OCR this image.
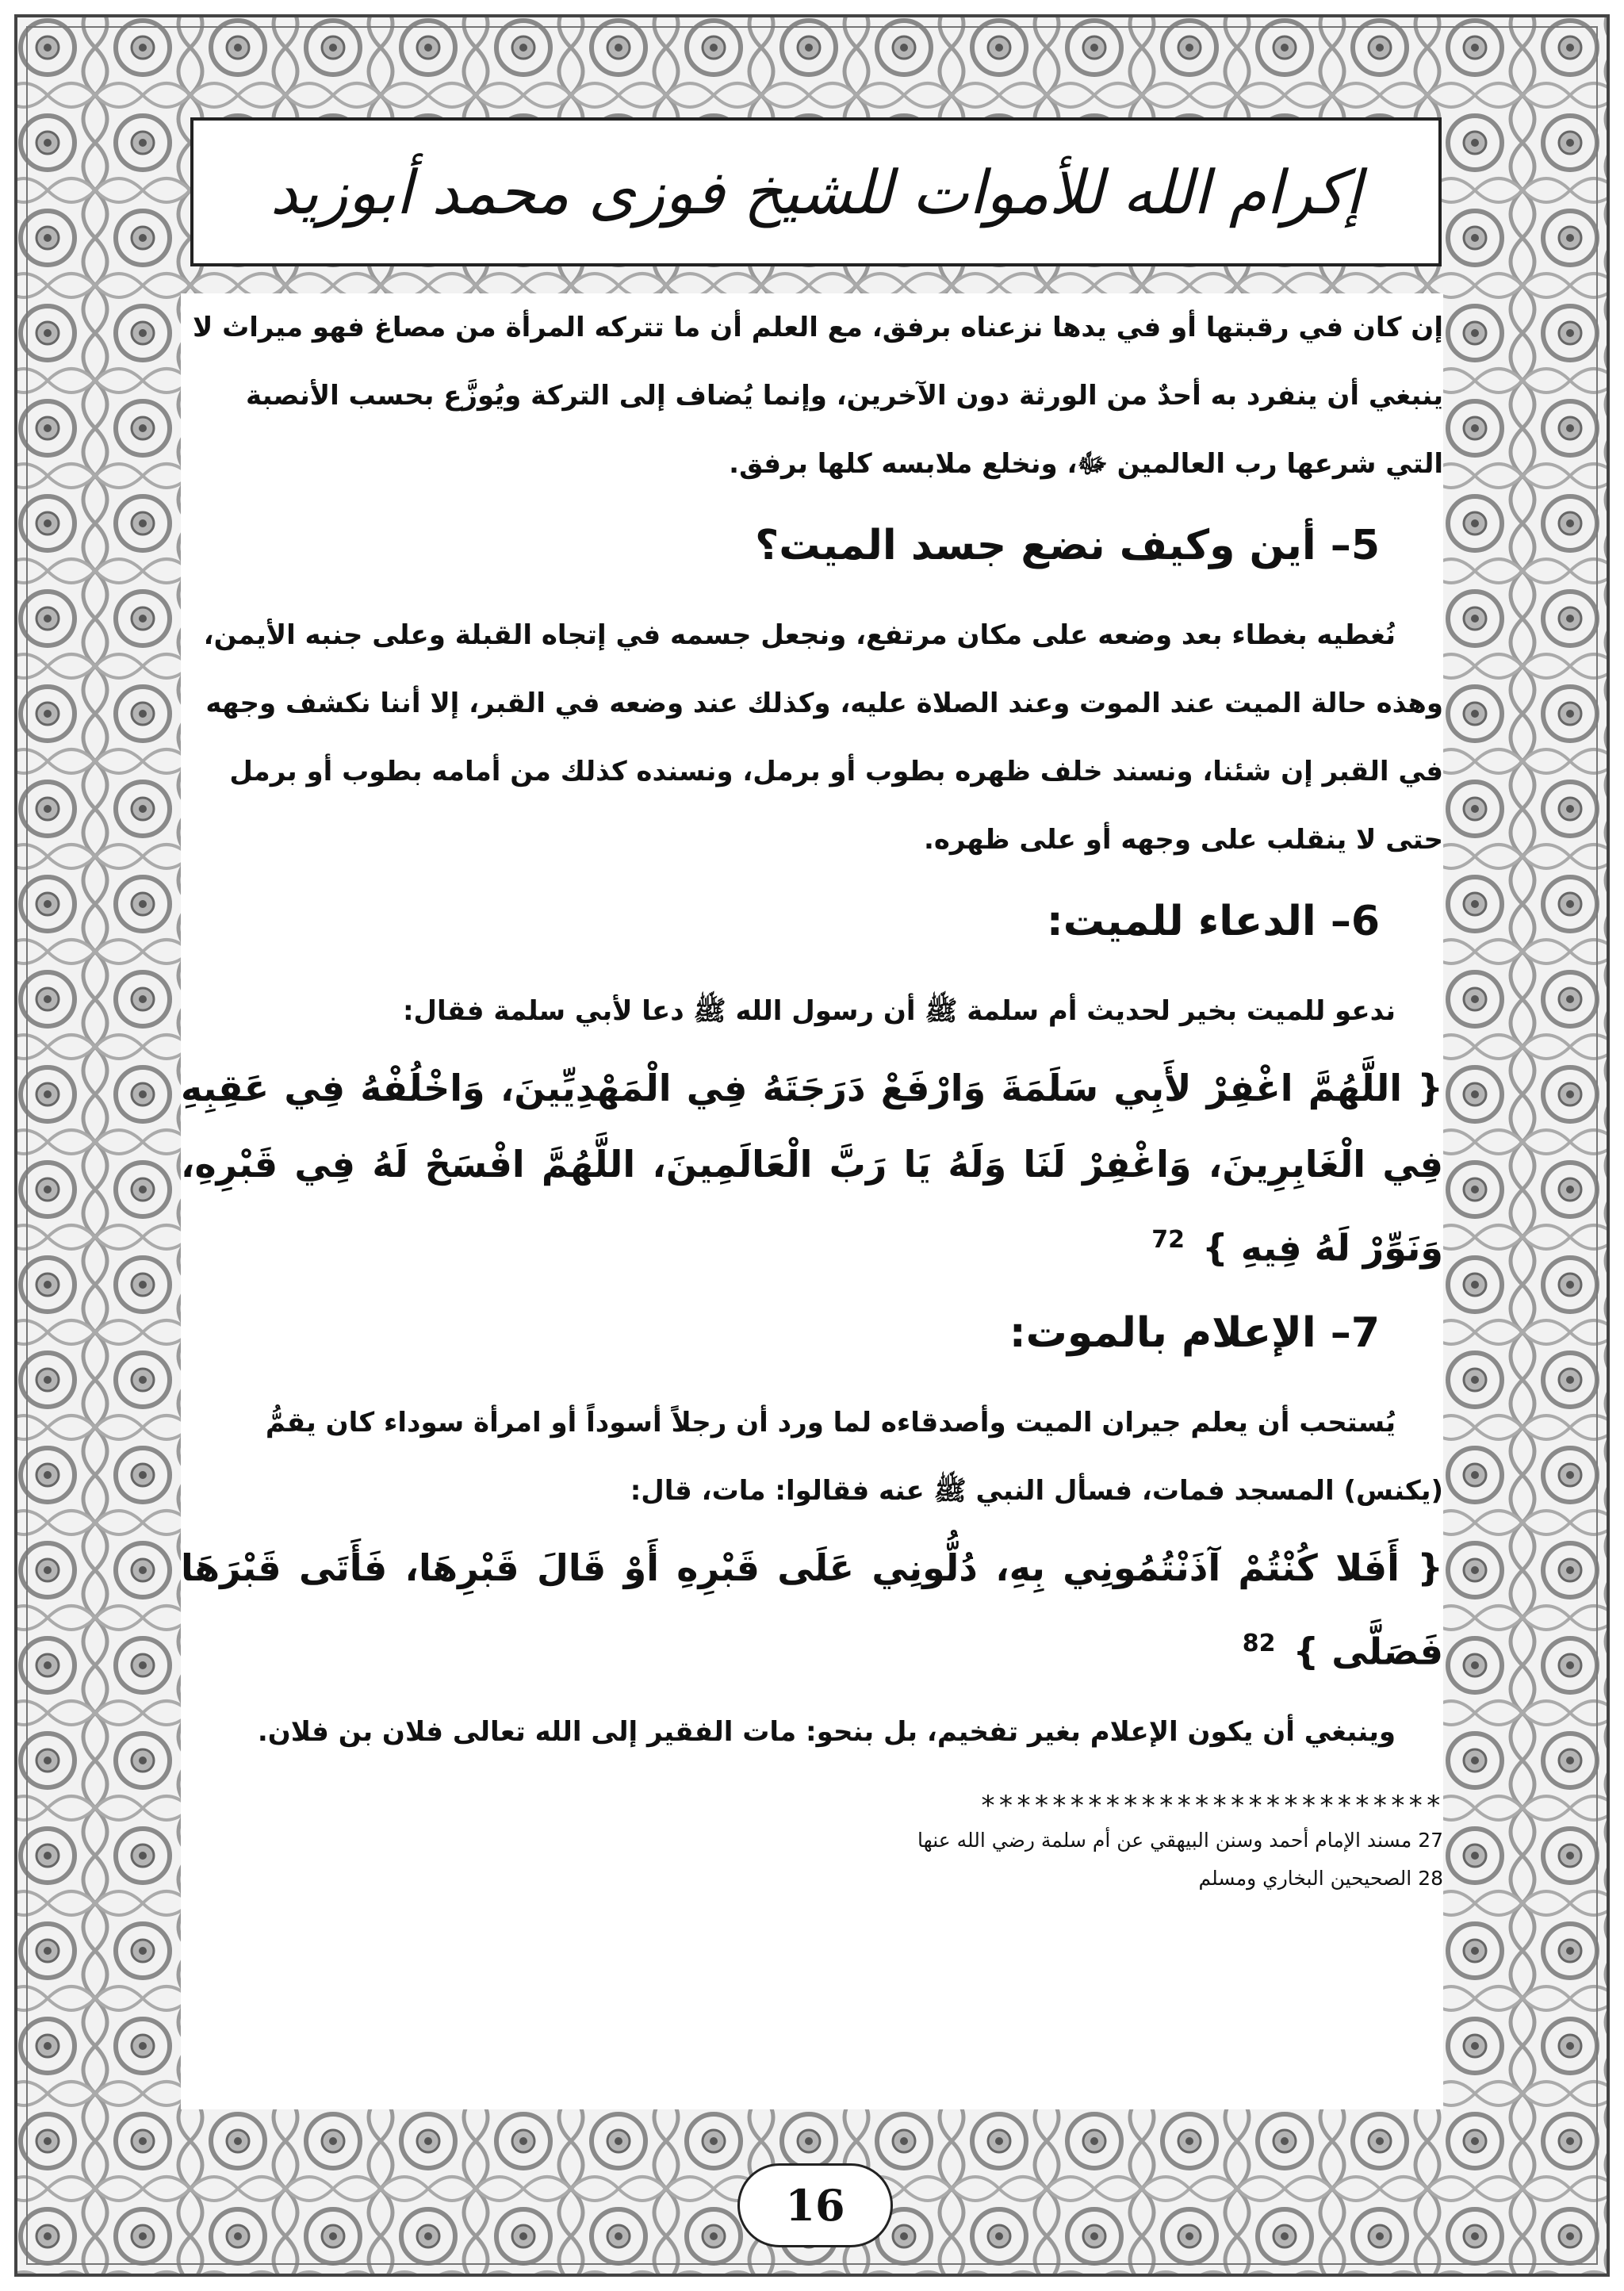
إكرام الله للأموات للشيخ فوزى محمد أبوزيد

إن كان في رقبتها أو في يدها نزعناه برفق، مع العلم أن ما تتركه المرأة من مصاغ فهو ميراث لا ينبغي أن ينفرد به أحدٌ من الورثة دون الآخرين، وإنما يُضاف إلى التركة ويُوزَّع بحسب الأنصبة التي شرعها رب العالمين ﷻ، ونخلع ملابسه كلها برفق.

5– أين وكيف نضع جسد الميت؟

نُغطيه بغطاء بعد وضعه على مكان مرتفع، ونجعل جسمه في إتجاه القبلة وعلى جنبه الأيمن، وهذه حالة الميت عند الموت وعند الصلاة عليه، وكذلك عند وضعه في القبر، إلا أننا نكشف وجهه في القبر إن شئنا، ونسند خلف ظهره بطوب أو برمل، ونسنده كذلك من أمامه بطوب أو برمل حتى لا ينقلب على وجهه أو على ظهره.

6– الدعاء للميت:

ندعو للميت بخير لحديث أم سلمة ﷺ أن رسول الله ﷺ دعا لأبي سلمة فقال:

{ اللَّهُمَّ اغْفِرْ لأَبِي سَلَمَةَ وَارْفَعْ دَرَجَتَهُ فِي الْمَهْدِيِّينَ، وَاخْلُفْهُ فِي عَقِبِهِ فِي الْغَابِرِينَ، وَاغْفِرْ لَنَا وَلَهُ يَا رَبَّ الْعَالَمِينَ، اللَّهُمَّ افْسَحْ لَهُ فِي قَبْرِهِ، وَنَوِّرْ لَهُ فِيهِ } $^{72}$
7– الإعلام بالموت:

يُستحب أن يعلم جيران الميت وأصدقاءه لما ورد أن رجلاً أسوداً أو امرأة سوداء كان يقمُّ (يكنس) المسجد فمات، فسأل النبي ﷺ عنه فقالوا: مات، قال:

{ أَفَلا كُنْتُمْ آذَنْتُمُونِي بِهِ، دُلُّونِي عَلَى قَبْرِهِ أَوْ قَالَ قَبْرِهَا، فَأَتَى قَبْرَهَا فَصَلَّى } $^{82}$

وينبغي أن يكون الإعلام بغير تفخيم، بل بنحو: مات الفقير إلى الله تعالى فلان بن فلان.

**************************

27 مسند الإمام أحمد وسنن البيهقي عن أم سلمة رضي الله عنها

28 الصحيحين البخاري ومسلم

16
